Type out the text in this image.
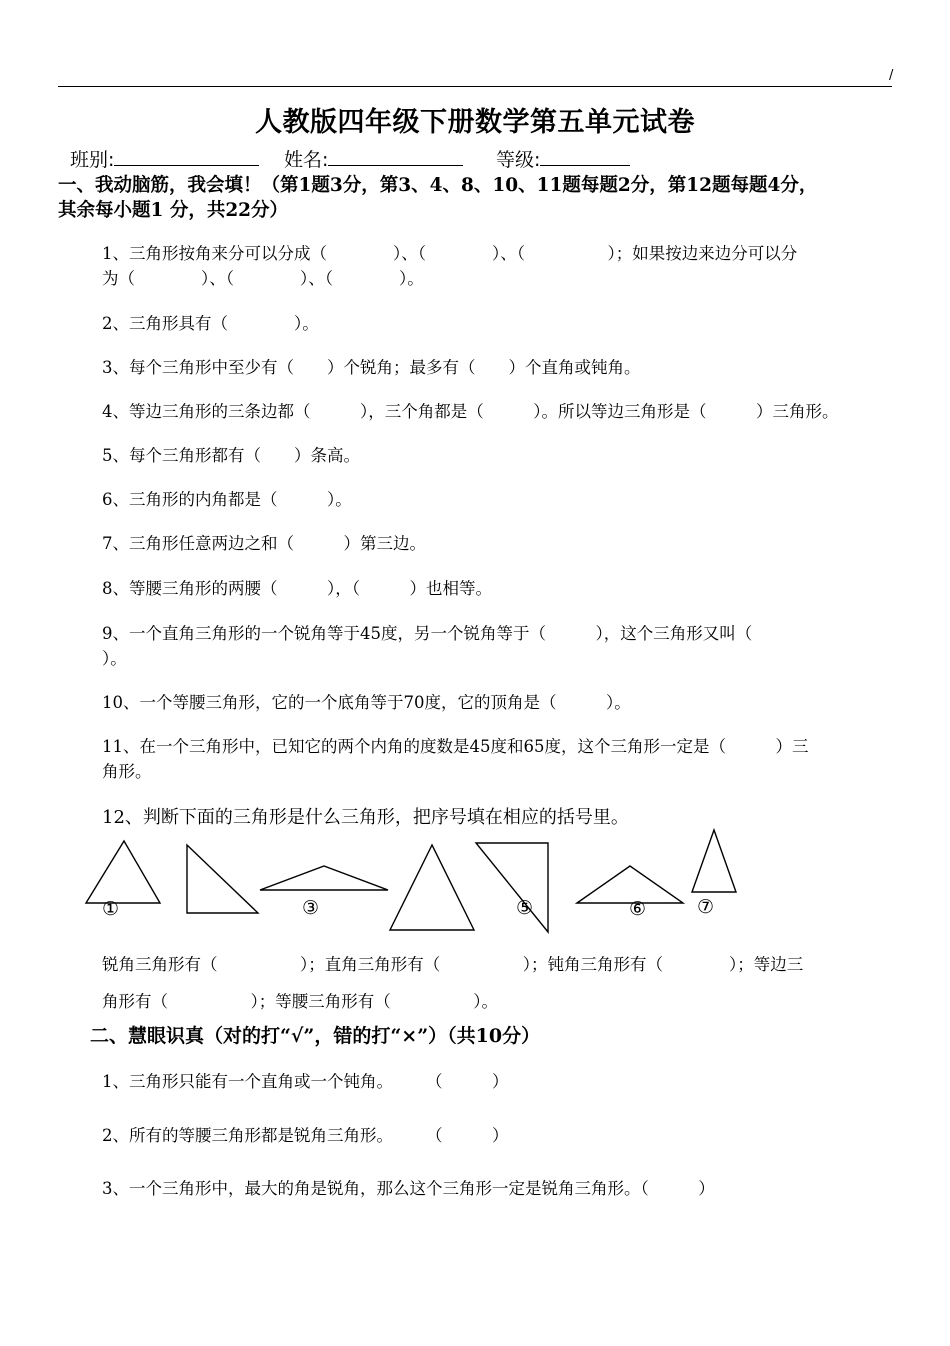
/
人教版四年级下册数学第五单元试卷
班别:	姓名:	等级:
一、我动脑筋，我会填！（第1题3分，第3、4、8、10、11题每题2分，第12题每题4分，
其余每小题1 分，共22分）
1、三角形按角来分可以分成（　　　　）、（　　　　）、（　　　　　）；如果按边来边分可以分
为（　　　　）、（　　　　）、（　　　　）。
2、三角形具有（　　　　）。
3、每个三角形中至少有（　　）个锐角；最多有（　　）个直角或钝角。
4、等边三角形的三条边都（　　　），三个角都是（　　　）。所以等边三角形是（　　　）三角形。
5、每个三角形都有（　　）条高。
6、三角形的内角都是（　　　）。
7、三角形任意两边之和（　　　）第三边。
8、等腰三角形的两腰（　　　），（　　　）也相等。
9、一个直角三角形的一个锐角等于45度，另一个锐角等于（　　　），这个三角形又叫（
）。
10、一个等腰三角形，它的一个底角等于70度，它的顶角是（　　　）。
11、在一个三角形中，已知它的两个内角的度数是45度和65度，这个三角形一定是（　　　）三
角形。
12、判断下面的三角形是什么三角形，把序号填在相应的括号里。
①	③	⑤	⑥	⑦
锐角三角形有（　　　　　）；直角三角形有（　　　　　）；钝角三角形有（　　　　）；等边三
角形有（　　　　　）；等腰三角形有（　　　　　）。
二、慧眼识真（对的打“√”，错的打“×”）（共10分）
1、三角形只能有一个直角或一个钝角。　　　（　　　）
2、所有的等腰三角形都是锐角三角形。　　　（　　　）
3、一个三角形中，最大的角是锐角，那么这个三角形一定是锐角三角形。（　　　）
